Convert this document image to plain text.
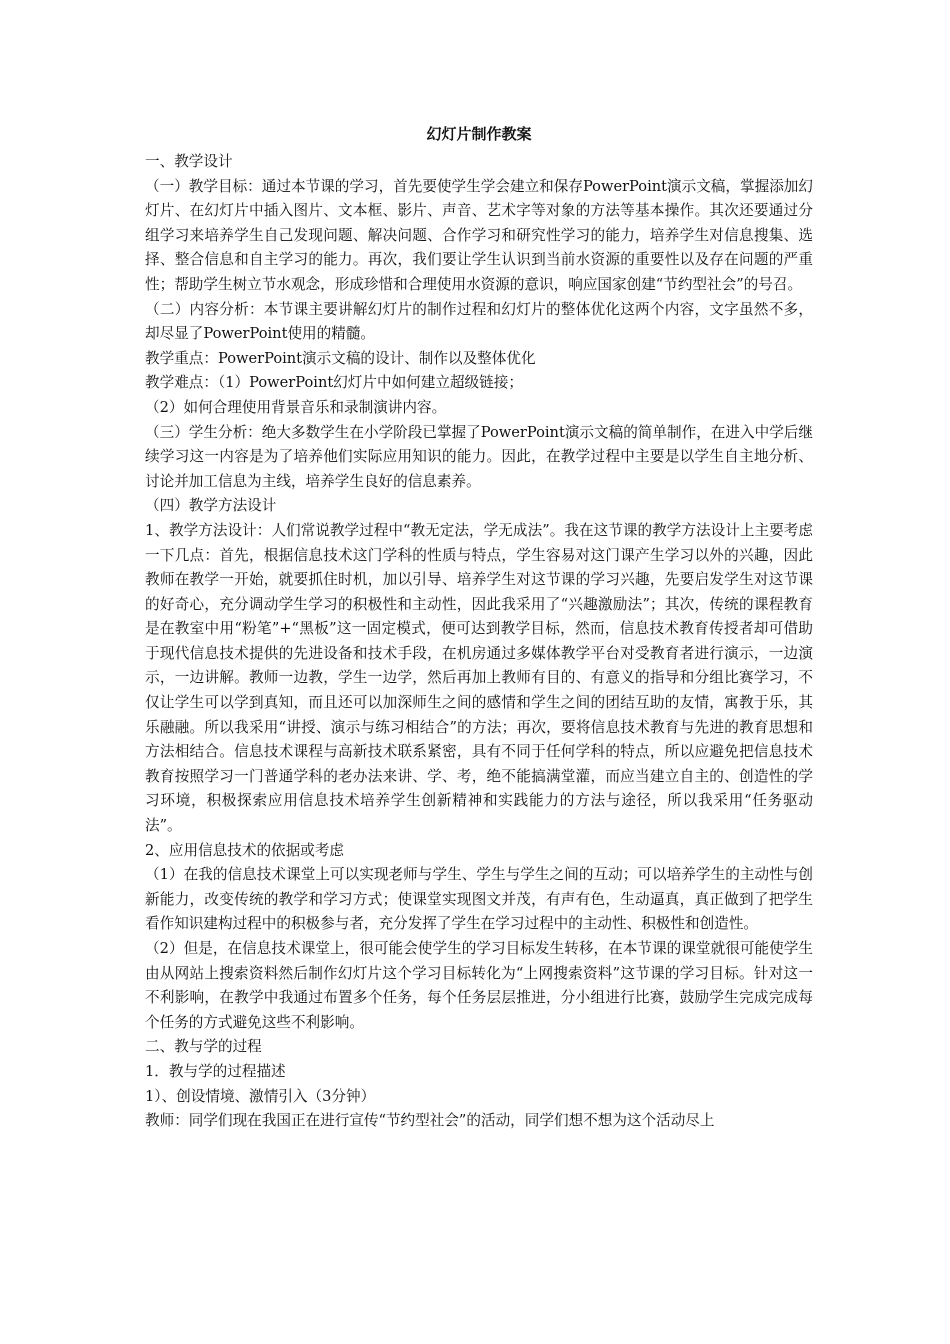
幻灯片制作教案

一、教学设计

（一）教学目标：通过本节课的学习，首先要使学生学会建立和保存PowerPoint演示文稿，掌握添加幻灯片、在幻灯片中插入图片、文本框、影片、声音、艺术字等对象的方法等基本操作。其次还要通过分组学习来培养学生自己发现问题、解决问题、合作学习和研究性学习的能力，培养学生对信息搜集、选择、整合信息和自主学习的能力。再次，我们要让学生认识到当前水资源的重要性以及存在问题的严重性；帮助学生树立节水观念，形成珍惜和合理使用水资源的意识，响应国家创建“节约型社会”的号召。

（二）内容分析：本节课主要讲解幻灯片的制作过程和幻灯片的整体优化这两个内容，文字虽然不多，却尽显了PowerPoint使用的精髓。

教学重点：PowerPoint演示文稿的设计、制作以及整体优化

教学难点：（1）PowerPoint幻灯片中如何建立超级链接；

（2）如何合理使用背景音乐和录制演讲内容。

（三）学生分析：绝大多数学生在小学阶段已掌握了PowerPoint演示文稿的简单制作，在进入中学后继续学习这一内容是为了培养他们实际应用知识的能力。因此，在教学过程中主要是以学生自主地分析、讨论并加工信息为主线，培养学生良好的信息素养。

（四）教学方法设计

1、教学方法设计：人们常说教学过程中“教无定法，学无成法”。我在这节课的教学方法设计上主要考虑一下几点：首先，根据信息技术这门学科的性质与特点，学生容易对这门课产生学习以外的兴趣，因此教师在教学一开始，就要抓住时机，加以引导、培养学生对这节课的学习兴趣，先要启发学生对这节课的好奇心，充分调动学生学习的积极性和主动性，因此我采用了“兴趣激励法”；其次，传统的课程教育是在教室中用“粉笔”+“黑板”这一固定模式，便可达到教学目标，然而，信息技术教育传授者却可借助于现代信息技术提供的先进设备和技术手段，在机房通过多媒体教学平台对受教育者进行演示，一边演示，一边讲解。教师一边教，学生一边学，然后再加上教师有目的、有意义的指导和分组比赛学习，不仅让学生可以学到真知，而且还可以加深师生之间的感情和学生之间的团结互助的友情，寓教于乐，其乐融融。所以我采用“讲授、演示与练习相结合”的方法；再次，要将信息技术教育与先进的教育思想和方法相结合。信息技术课程与高新技术联系紧密，具有不同于任何学科的特点，所以应避免把信息技术教育按照学习一门普通学科的老办法来讲、学、考，绝不能搞满堂灌，而应当建立自主的、创造性的学习环境，积极探索应用信息技术培养学生创新精神和实践能力的方法与途径，所以我采用“任务驱动法”。

2、应用信息技术的依据或考虑

（1）在我的信息技术课堂上可以实现老师与学生、学生与学生之间的互动；可以培养学生的主动性与创新能力，改变传统的教学和学习方式；使课堂实现图文并茂，有声有色，生动逼真，真正做到了把学生看作知识建构过程中的积极参与者，充分发挥了学生在学习过程中的主动性、积极性和创造性。

（2）但是，在信息技术课堂上，很可能会使学生的学习目标发生转移，在本节课的课堂就很可能使学生由从网站上搜索资料然后制作幻灯片这个学习目标转化为“上网搜索资料”这节课的学习目标。针对这一不利影响，在教学中我通过布置多个任务，每个任务层层推进，分小组进行比赛，鼓励学生完成完成每个任务的方式避免这些不利影响。

二、教与学的过程

1．教与学的过程描述

1）、创设情境、激情引入（3分钟）

教师：同学们现在我国正在进行宣传“节约型社会”的活动，同学们想不想为这个活动尽上
